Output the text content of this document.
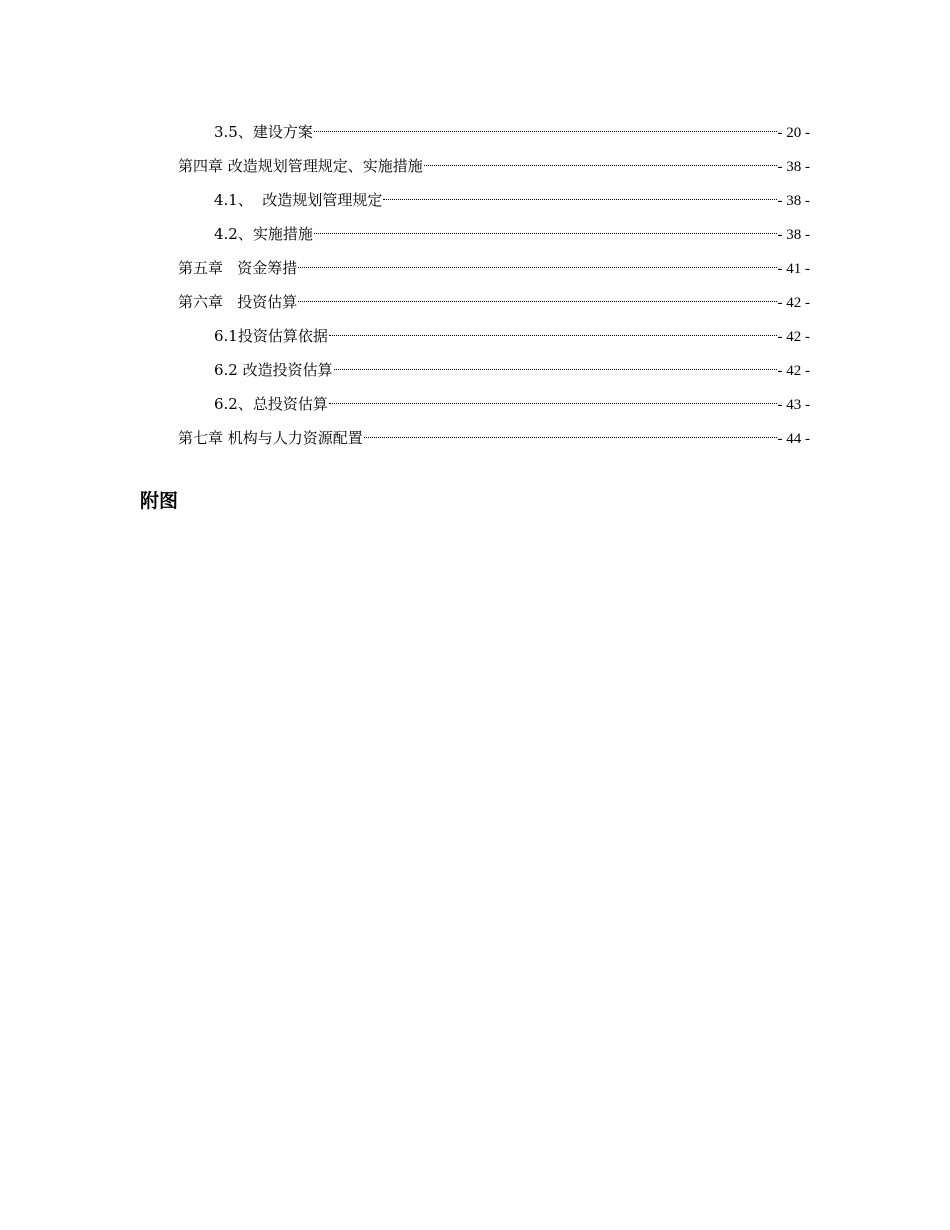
3.5、建设方案	- 20 -
第四章 改造规划管理规定、实施措施	- 38 -
4.1、  改造规划管理规定	- 38 -
4.2、实施措施	- 38 -
第五章   资金筹措	- 41 -
第六章   投资估算	- 42 -
6.1投资估算依据	- 42 -
6.2 改造投资估算	- 42 -
6.2、总投资估算	- 43 -
第七章 机构与人力资源配置	- 44 -
附图
